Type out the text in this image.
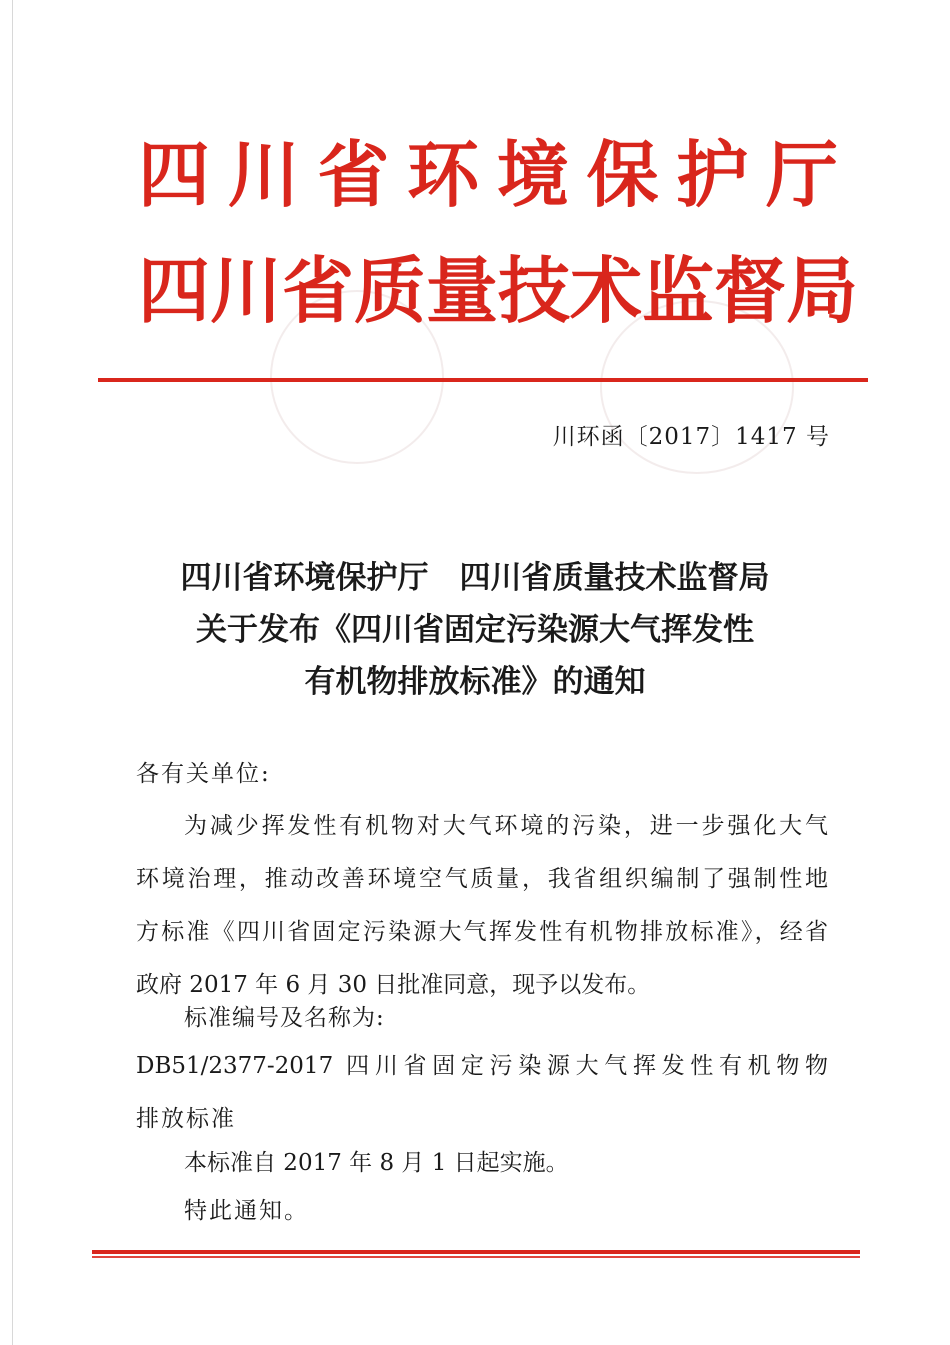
四川省环境保护厅
四川省质量技术监督局
川环函〔2017〕1417 号
四川省环境保护厅　四川省质量技术监督局
关于发布《四川省固定污染源大气挥发性
有机物排放标准》的通知
各有关单位:
为减少挥发性有机物对大气环境的污染，进一步强化大气
环境治理，推动改善环境空气质量，我省组织编制了强制性地
方标准《四川省固定污染源大气挥发性有机物排放标准》，经省
政府 2017 年 6 月 30 日批准同意，现予以发布。
标准编号及名称为:
DB51/2377-2017 四川省固定污染源大气挥发性有机物物
排放标准
本标准自 2017 年 8 月 1 日起实施。
特此通知。
